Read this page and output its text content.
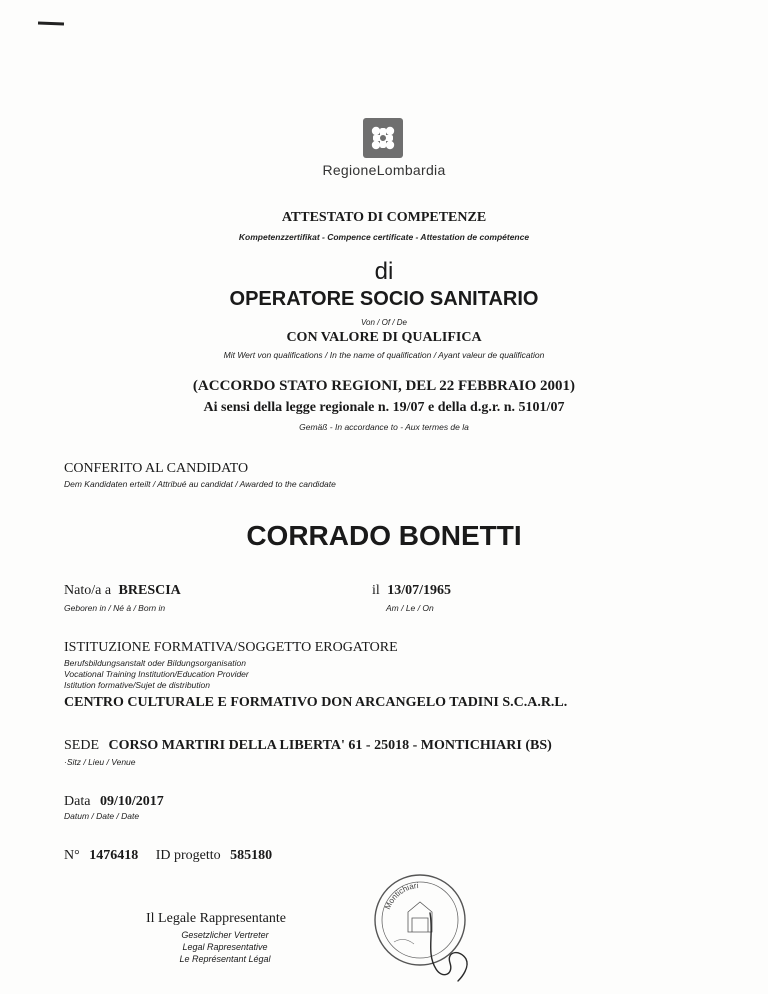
RegioneLombardia
ATTESTATO DI COMPETENZE
Kompetenzzertifikat - Compence certificate - Attestation de compétence
di
OPERATORE SOCIO SANITARIO
Von / Of / De
CON VALORE DI QUALIFICA
Mit Wert von qualifications / In the name of qualification / Ayant valeur de qualification
(ACCORDO STATO REGIONI, DEL 22 FEBBRAIO 2001)
Ai sensi della legge regionale n. 19/07 e della d.g.r. n. 5101/07
Gemäß - In accordance to - Aux termes de la
CONFERITO AL CANDIDATO
Dem Kandidaten erteilt / Attribué au candidat / Awarded to the candidate
CORRADO BONETTI
Nato/a a BRESCIA
Geboren in / Né à / Born in
il 13/07/1965
Am / Le / On
ISTITUZIONE FORMATIVA/SOGGETTO EROGATORE
Berufsbildungsanstalt oder Bildungsorganisation
Vocational Training Institution/Education Provider
Istitution formative/Sujet de distribution
CENTRO CULTURALE E FORMATIVO DON ARCANGELO TADINI S.C.A.R.L.
SEDE CORSO MARTIRI DELLA LIBERTA' 61 - 25018 - MONTICHIARI (BS)
·Sitz / Lieu / Venue
Data 09/10/2017
Datum / Date / Date
N° 1476418 ID progetto 585180
Il Legale Rappresentante
Gesetzlicher Vertreter
Legal Rapresentative
Le Représentant Légal
Montichiari
